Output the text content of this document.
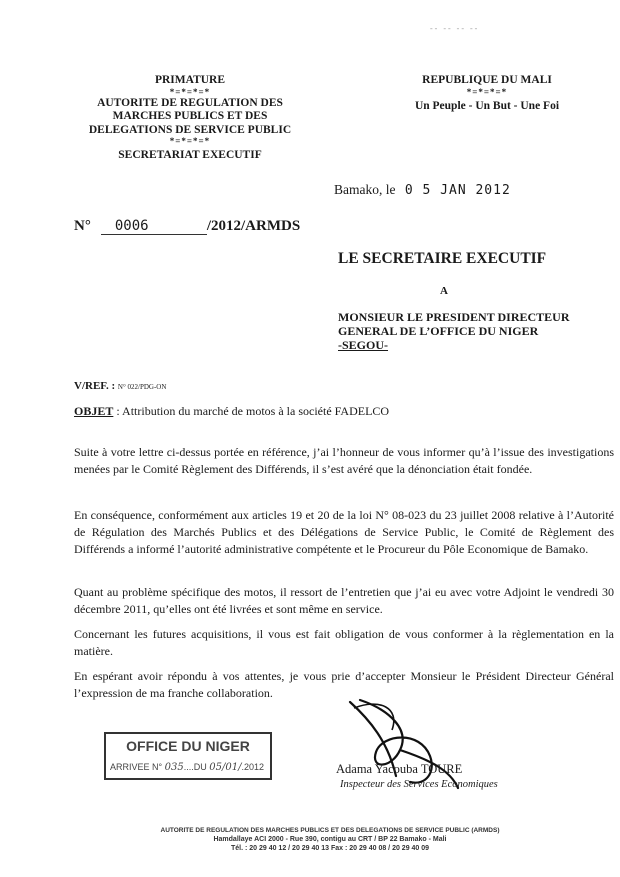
-- -- -- --
PRIMATURE
*=*=*=*
AUTORITE DE REGULATION DES
MARCHES PUBLICS ET DES
DELEGATIONS DE SERVICE PUBLIC
*=*=*=*
SECRETARIAT EXECUTIF
REPUBLIQUE DU MALI
*=*=*=*
Un Peuple - Un But - Une Foi
Bamako, le 0 5 JAN 2012
N° 0006	/2012/ARMDS
LE SECRETAIRE EXECUTIF
A
MONSIEUR LE PRESIDENT DIRECTEUR
GENERAL DE L’OFFICE DU NIGER
-SEGOU-
V/REF. : N° 022/PDG-ON
OBJET : Attribution du marché de motos à la société FADELCO
Suite à votre lettre ci-dessus portée en référence, j’ai l’honneur de vous informer qu’à l’issue des investigations menées par le Comité Règlement des Différends, il s’est avéré que la dénonciation était fondée.
En conséquence, conformément aux articles 19 et 20 de la loi N° 08-023 du 23 juillet 2008 relative à l’Autorité de Régulation des Marchés Publics et des Délégations de Service Public, le Comité de Règlement des Différends a informé l’autorité administrative compétente et le Procureur du Pôle Economique de Bamako.
Quant au problème spécifique des motos, il ressort de l’entretien que j’ai eu avec votre Adjoint le vendredi 30 décembre 2011, qu’elles ont été livrées et sont même en service.
Concernant les futures acquisitions, il vous est fait obligation de vous conformer à la règlementation en la matière.
En espérant avoir répondu à vos attentes, je vous prie d’accepter Monsieur le Président Directeur Général l’expression de ma franche collaboration.
OFFICE DU NIGER
ARRIVEE N° 035....DU 05/01/.2012	Adama Yacouba TOURE
Inspecteur des Services Economiques
AUTORITE DE REGULATION DES MARCHES PUBLICS ET DES DELEGATIONS DE SERVICE PUBLIC (ARMDS)
Hamdallaye ACI 2000 - Rue 390, contigu au CRT / BP 22 Bamako - Mali
Tél. : 20 29 40 12 / 20 29 40 13 Fax : 20 29 40 08 / 20 29 40 09
